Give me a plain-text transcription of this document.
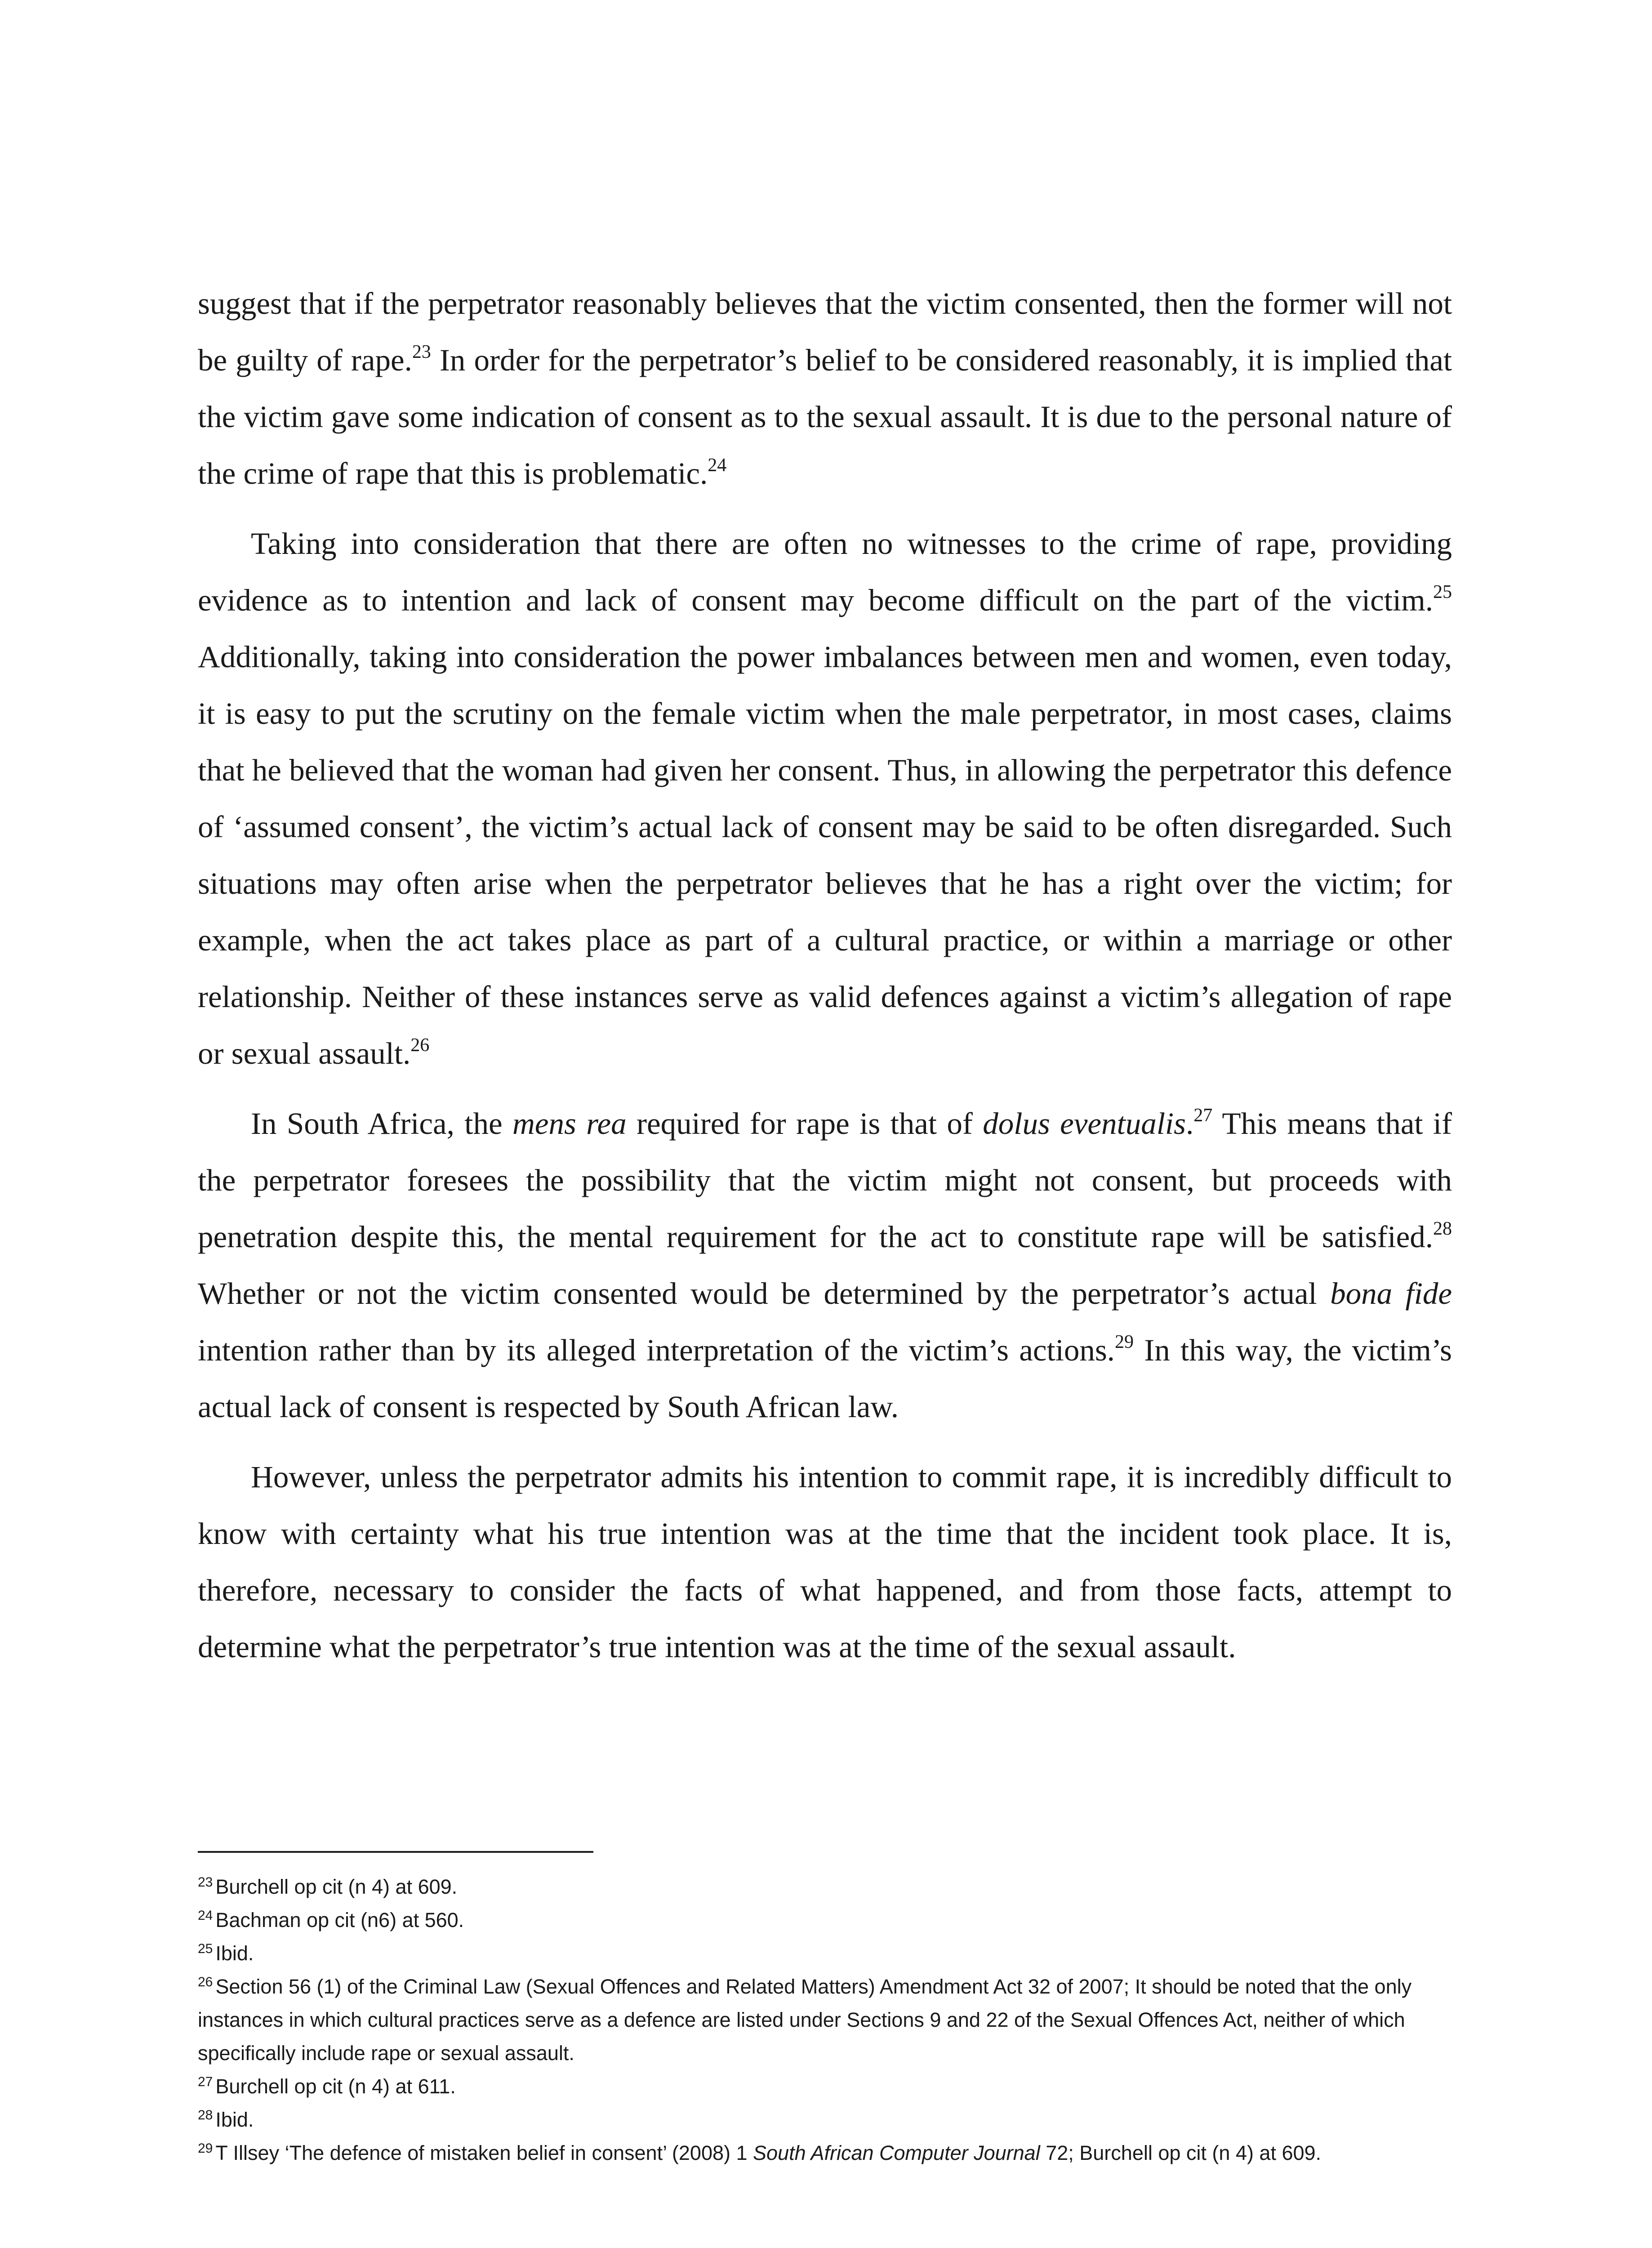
suggest that if the perpetrator reasonably believes that the victim consented, then the former will not be guilty of rape.$^{23}$ In order for the perpetrator’s belief to be considered reasonably, it is implied that the victim gave some indication of consent as to the sexual assault. It is due to the personal nature of the crime of rape that this is problematic.$^{24}$

Taking into consideration that there are often no witnesses to the crime of rape, providing evidence as to intention and lack of consent may become difficult on the part of the victim.$^{25}$ Additionally, taking into consideration the power imbalances between men and women, even today, it is easy to put the scrutiny on the female victim when the male perpetrator, in most cases, claims that he believed that the woman had given her consent. Thus, in allowing the perpetrator this defence of ‘assumed consent’, the victim’s actual lack of consent may be said to be often disregarded. Such situations may often arise when the perpetrator believes that he has a right over the victim; for example, when the act takes place as part of a cultural practice, or within a marriage or other relationship. Neither of these instances serve as valid defences against a victim’s allegation of rape or sexual assault.$^{26}$

In South Africa, the mens rea required for rape is that of dolus eventualis.$^{27}$ This means that if the perpetrator foresees the possibility that the victim might not consent, but proceeds with penetration despite this, the mental requirement for the act to constitute rape will be satisfied.$^{28}$ Whether or not the victim consented would be determined by the perpetrator’s actual bona fide intention rather than by its alleged interpretation of the victim’s actions.$^{29}$ In this way, the victim’s actual lack of consent is respected by South African law.

However, unless the perpetrator admits his intention to commit rape, it is incredibly difficult to know with certainty what his true intention was at the time that the incident took place. It is, therefore, necessary to consider the facts of what happened, and from those facts, attempt to determine what the perpetrator’s true intention was at the time of the sexual assault.

$^{23}$ Burchell op cit (n 4) at 609.

$^{24}$ Bachman op cit (n6) at 560.

$^{25}$ Ibid.

$^{26}$ Section 56 (1) of the Criminal Law (Sexual Offences and Related Matters) Amendment Act 32 of 2007; It should be noted that the only instances in which cultural practices serve as a defence are listed under Sections 9 and 22 of the Sexual Offences Act, neither of which specifically include rape or sexual assault.

$^{27}$ Burchell op cit (n 4) at 611.

$^{28}$ Ibid.

$^{29}$ T Illsey ‘The defence of mistaken belief in consent’ (2008) 1 South African Computer Journal 72; Burchell op cit (n 4) at 609.
